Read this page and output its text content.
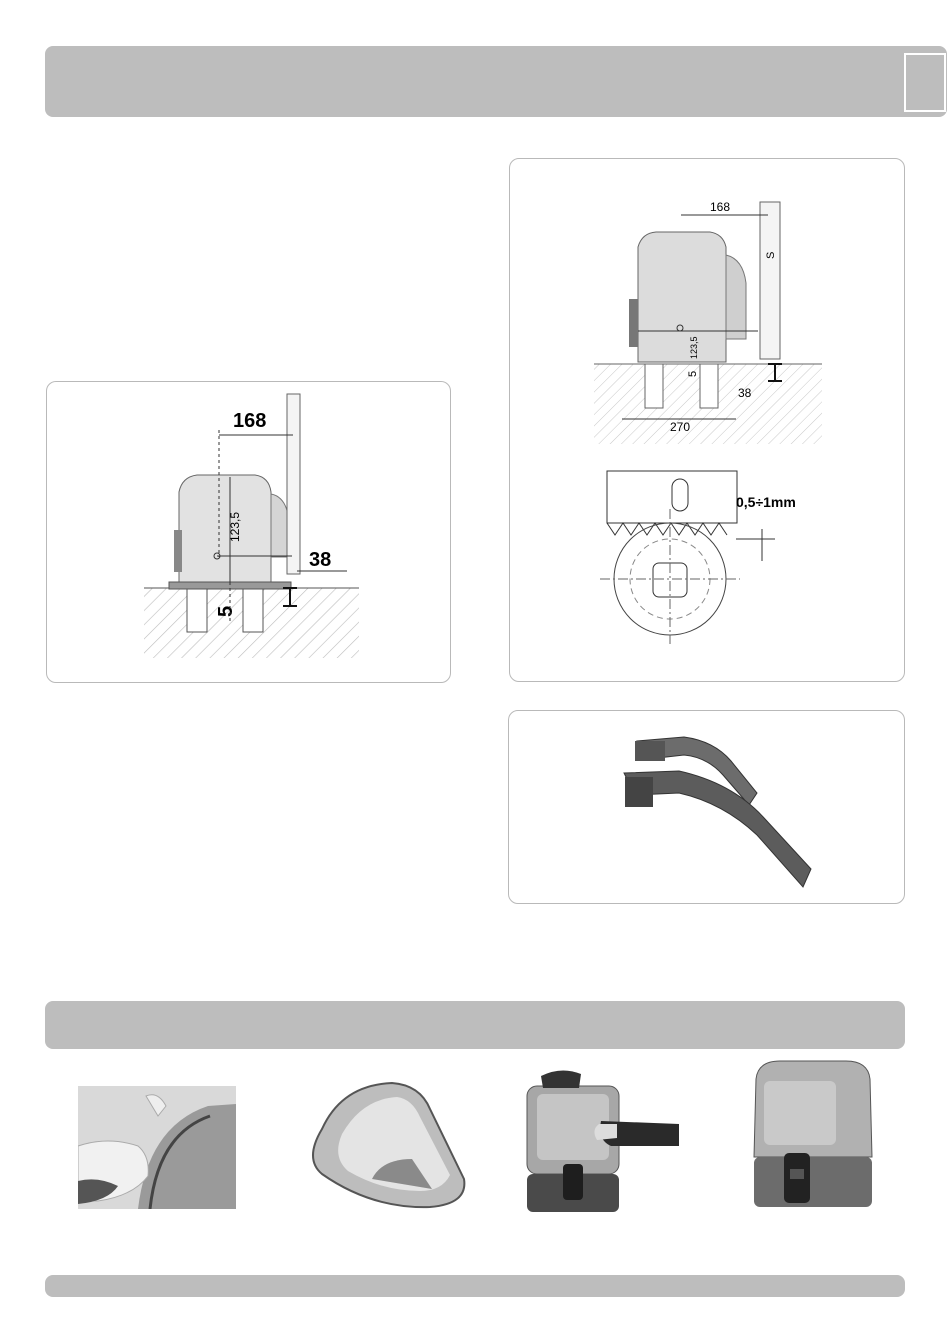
168
123,5
38
5
168
S
123,5
5
38
270
0,5÷1mm
